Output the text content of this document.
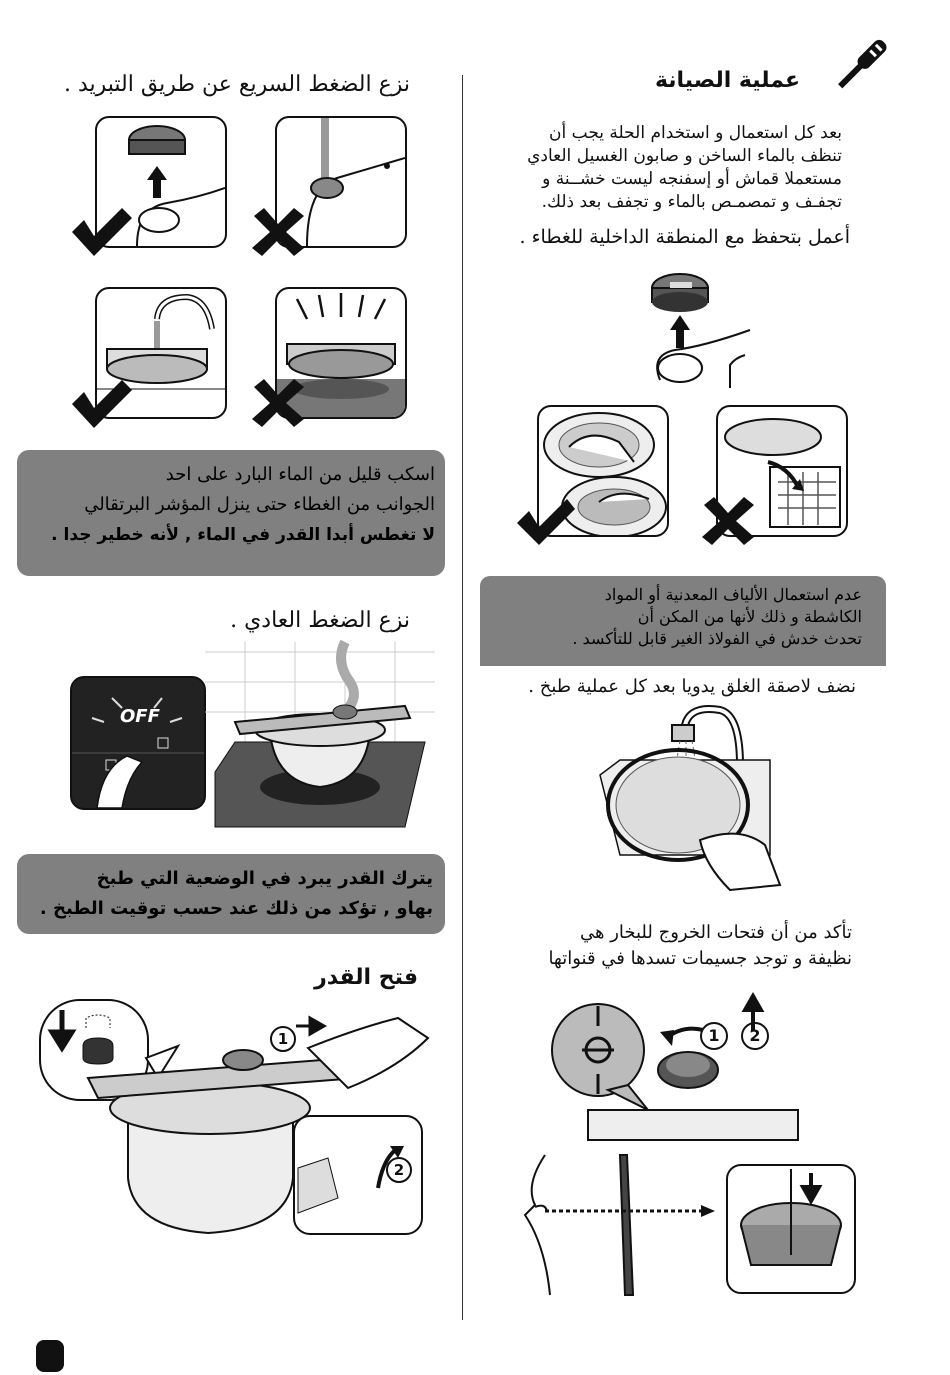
عملية الصيانة
بعد كل استعمال و استخدام الحلة يجب أن
تنظف بالماء الساخن و صابون الغسيل العادي
مستعملا قماش أو إسفنجه ليست خشــنة و
تجفـف و تمصمـص بالماء و تجفف بعد ذلك.
أعمل بتحفظ مع المنطقة الداخلية للغطاء .
عدم استعمال الألياف المعدنية أو المواد
الكاشطة و ذلك لأنها من المكن أن
تحدث خدش في الفولاذ الغير قابل للتأكسد .
نضف لاصقة الغلق يدويا بعد كل عملية طبخ .
تأكد من أن فتحات الخروج للبخار هي
نظيفة و توجد جسيمات تسدها في قنواتها
1	2
نزع الضغط السريع عن طريق التبريد .
اسكب قليل من الماء البارد على احد
الجوانب من الغطاء حتى ينزل المؤشر البرتقالي
لا تغطس أبدا القدر في الماء , لأنه خطير جدا .
نزع الضغط العادي .
OFF
يترك القدر يبرد في الوضعية التي طبخ
بهاو , تؤكد من ذلك عند حسب توقيت الطبخ .
فتح القدر
1
2
